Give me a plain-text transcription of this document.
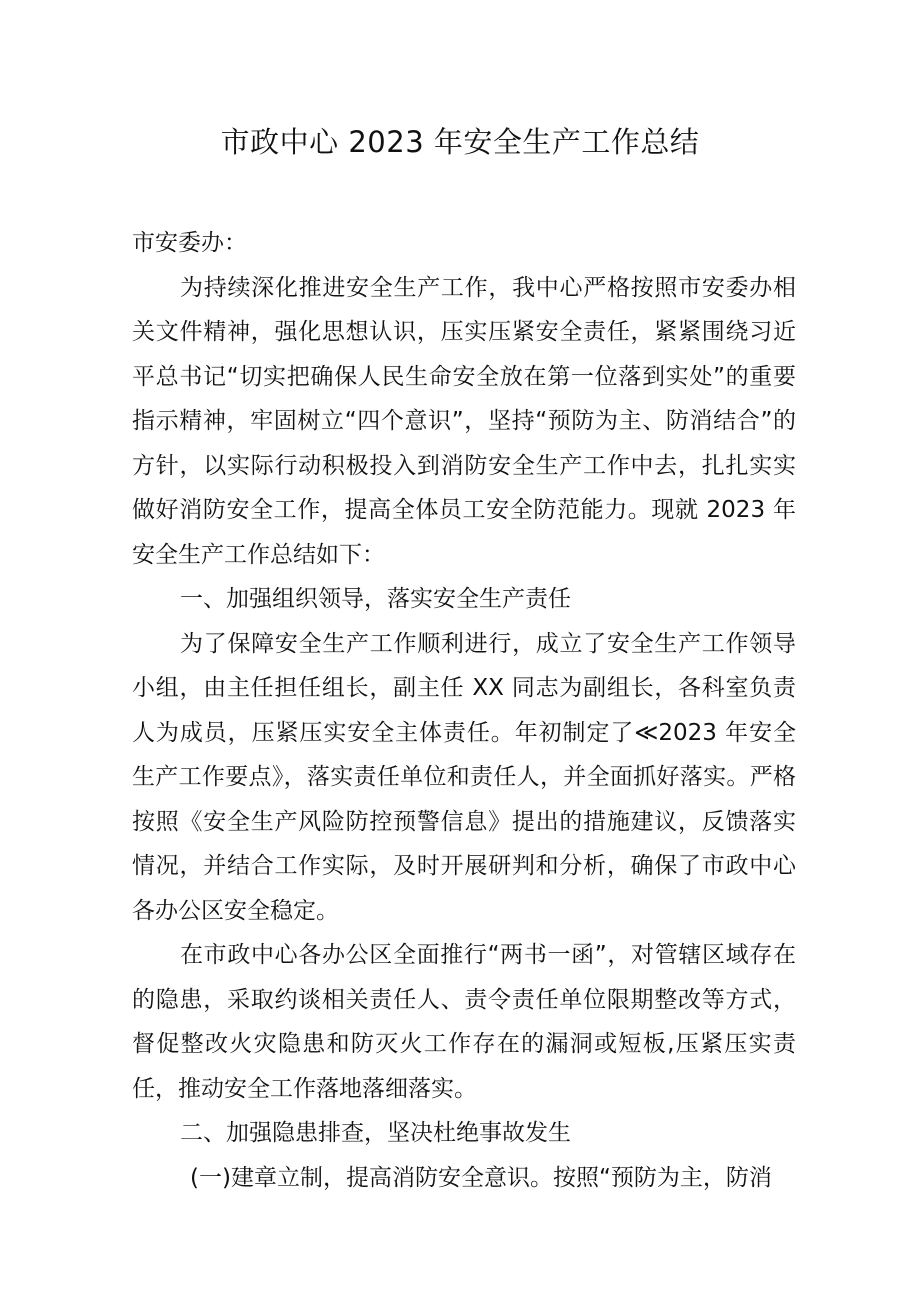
市政中心 2023 年安全生产工作总结

市安委办：

为持续深化推进安全生产工作，我中心严格按照市安委办相关文件精神，强化思想认识，压实压紧安全责任，紧紧围绕习近平总书记“切实把确保人民生命安全放在第一位落到实处”的重要指示精神，牢固树立“四个意识”，坚持“预防为主、防消结合”的方针，以实际行动积极投入到消防安全生产工作中去，扎扎实实做好消防安全工作，提高全体员工安全防范能力。现就 2023 年安全生产工作总结如下：

一、加强组织领导，落实安全生产责任

为了保障安全生产工作顺利进行，成立了安全生产工作领导小组，由主任担任组长，副主任 XX 同志为副组长，各科室负责人为成员，压紧压实安全主体责任。年初制定了≪2023 年安全生产工作要点》，落实责任单位和责任人，并全面抓好落实。严格按照《安全生产风险防控预警信息》提出的措施建议，反馈落实情况，并结合工作实际，及时开展研判和分析，确保了市政中心各办公区安全稳定。

在市政中心各办公区全面推行“两书一函”，对管辖区域存在的隐患，采取约谈相关责任人、责令责任单位限期整改等方式，督促整改火灾隐患和防灭火工作存在的漏洞或短板,压紧压实责任，推动安全工作落地落细落实。

二、加强隐患排查，坚决杜绝事故发生

(一)建章立制，提高消防安全意识。按照“预防为主，防消
